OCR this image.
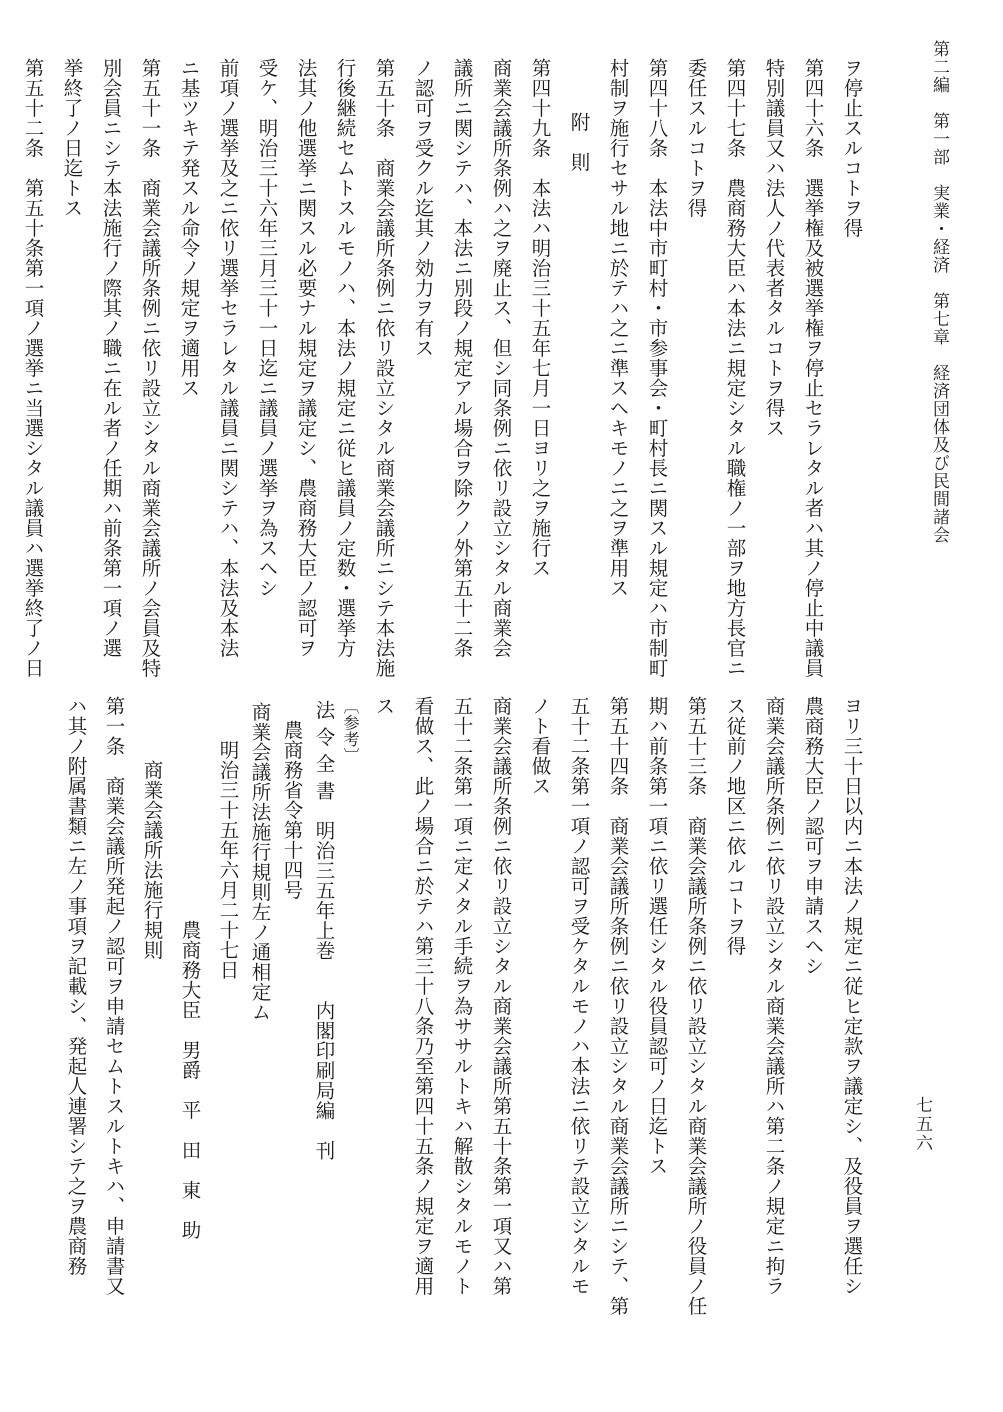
第二編　第一部　実業・経済　第七章　経済団体及び民間諸会
七五六
ヲ停止スルコトヲ得
第四十六条　選挙権及被選挙権ヲ停止セラレタル者ハ其ノ停止中議員
特別議員又ハ法人ノ代表者タルコトヲ得ス
第四十七条　農商務大臣ハ本法ニ規定シタル職権ノ一部ヲ地方長官ニ
委任スルコトヲ得
第四十八条　本法中市町村・市参事会・町村長ニ関スル規定ハ市制町
村制ヲ施行セサル地ニ於テハ之ニ準スヘキモノニ之ヲ準用ス
附　則
第四十九条　本法ハ明治三十五年七月一日ヨリ之ヲ施行ス
商業会議所条例ハ之ヲ廃止ス、但シ同条例ニ依リ設立シタル商業会
議所ニ関シテハ、本法ニ別段ノ規定アル場合ヲ除クノ外第五十二条
ノ認可ヲ受クル迄其ノ効力ヲ有ス
第五十条　商業会議所条例ニ依リ設立シタル商業会議所ニシテ本法施
行後継続セムトスルモノハ、本法ノ規定ニ従ヒ議員ノ定数・選挙方
法其ノ他選挙ニ関スル必要ナル規定ヲ議定シ、農商務大臣ノ認可ヲ
受ケ、明治三十六年三月三十一日迄ニ議員ノ選挙ヲ為スヘシ
前項ノ選挙及之ニ依リ選挙セラレタル議員ニ関シテハ、本法及本法
ニ基ツキテ発スル命令ノ規定ヲ適用ス
第五十一条　商業会議所条例ニ依リ設立シタル商業会議所ノ会員及特
別会員ニシテ本法施行ノ際其ノ職ニ在ル者ノ任期ハ前条第一項ノ選
挙終了ノ日迄トス
第五十二条　第五十条第一項ノ選挙ニ当選シタル議員ハ選挙終了ノ日
ヨリ三十日以内ニ本法ノ規定ニ従ヒ定款ヲ議定シ、及役員ヲ選任シ
農商務大臣ノ認可ヲ申請スヘシ
商業会議所条例ニ依リ設立シタル商業会議所ハ第二条ノ規定ニ拘ラ
ス従前ノ地区ニ依ルコトヲ得
第五十三条　商業会議所条例ニ依リ設立シタル商業会議所ノ役員ノ任
期ハ前条第一項ニ依リ選任シタル役員認可ノ日迄トス
第五十四条　商業会議所条例ニ依リ設立シタル商業会議所ニシテ、第
五十二条第一項ノ認可ヲ受ケタルモノハ本法ニ依リテ設立シタルモ
ノト看做ス
商業会議所条例ニ依リ設立シタル商業会議所第五十条第一項又ハ第
五十二条第一項ニ定メタル手続ヲ為ササルトキハ解散シタルモノト
看做ス、此ノ場合ニ於テハ第三十八条乃至第四十五条ノ規定ヲ適用
ス
〔参考〕
法 令 全 書　明治三五年上巻　　内閣印刷局編　刊
農商務省令第十四号
商業会議所法施行規則左ノ通相定ム
明治三十五年六月二十七日
農商務大臣　男爵　平　田　東　助
商業会議所法施行規則
第一条　商業会議所発起ノ認可ヲ申請セムトスルトキハ、申請書又
ハ其ノ附属書類ニ左ノ事項ヲ記載シ、発起人連署シテ之ヲ農商務
